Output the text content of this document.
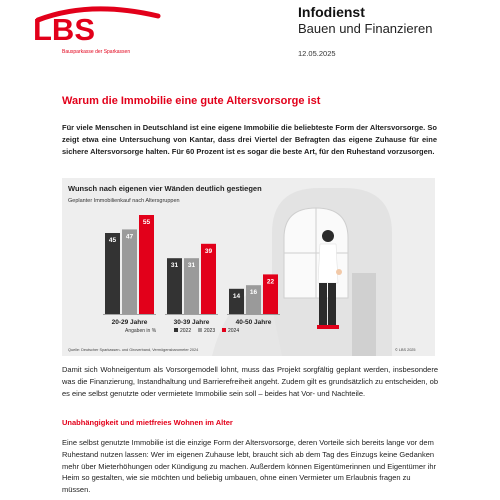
LBS
Bausparkasse der Sparkassen
Infodienst
Bauen und Finanzieren
12.05.2025
Warum die Immobilie eine gute Altersvorsorge ist
Für viele Menschen in Deutschland ist eine eigene Immobilie die beliebteste Form der Altersvorsorge. So zeigt etwa eine Untersuchung von Kantar, dass drei Viertel der Befragten das eigene Zuhause für eine sichere Altersvorsorge halten. Für 60 Prozent ist es sogar die beste Art, für den Ruhestand vorzusorgen.
Wunsch nach eigenen vier Wänden deutlich gestiegen
Geplanter Immobilienkauf nach Altersgruppen
45
47
55
20-29 Jahre
31 31
39
30-39 Jahre
14
16
22
40-50 Jahre
Angaben in %	2022	2023	2024
Quelle: Deutscher Sparkassen- und Giroverband, Vermögensbarometer 2024	© LBS 2025
Damit sich Wohneigentum als Vorsorgemodell lohnt, muss das Projekt sorgfältig geplant werden, insbesondere was die Finanzierung, Instandhaltung und Barrierefreiheit angeht. Zudem gilt es grundsätzlich zu entscheiden, ob es eine selbst genutzte oder vermietete Immobilie sein soll – beides hat Vor- und Nachteile.
Unabhängigkeit und mietfreies Wohnen im Alter
Eine selbst genutzte Immobilie ist die einzige Form der Altersvorsorge, deren Vorteile sich bereits lange vor dem Ruhestand nutzen lassen: Wer im eigenen Zuhause lebt, braucht sich ab dem Tag des Einzugs keine Gedanken mehr über Mieterhöhungen oder Kündigung zu machen. Außerdem können Eigentümerinnen und Eigentümer ihr Heim so gestalten, wie sie möchten und beliebig umbauen, ohne einen Vermieter um Erlaubnis fragen zu müssen.
